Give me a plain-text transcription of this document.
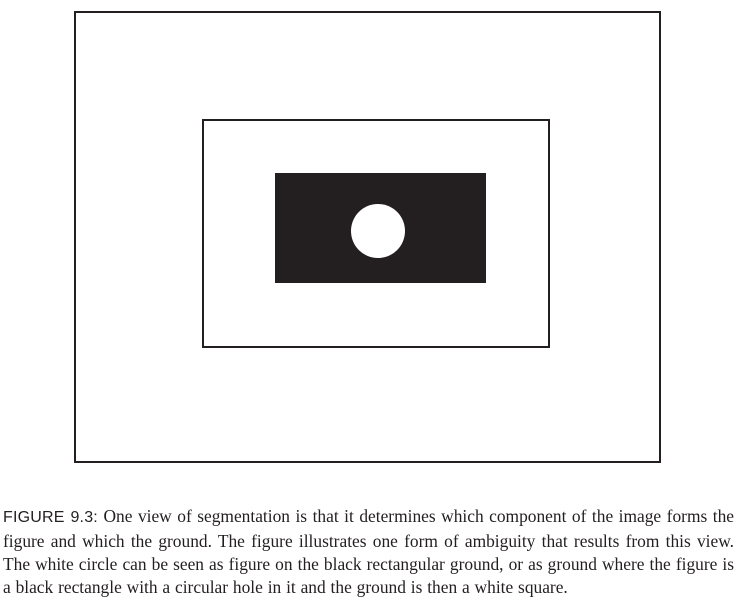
FIGURE 9.3: One view of segmentation is that it determines which component of the image forms the figure and which the ground. The figure illustrates one form of ambiguity that results from this view. The white circle can be seen as figure on the black rectangular ground, or as ground where the figure is a black rectangle with a circular hole in it and the ground is then a white square.
